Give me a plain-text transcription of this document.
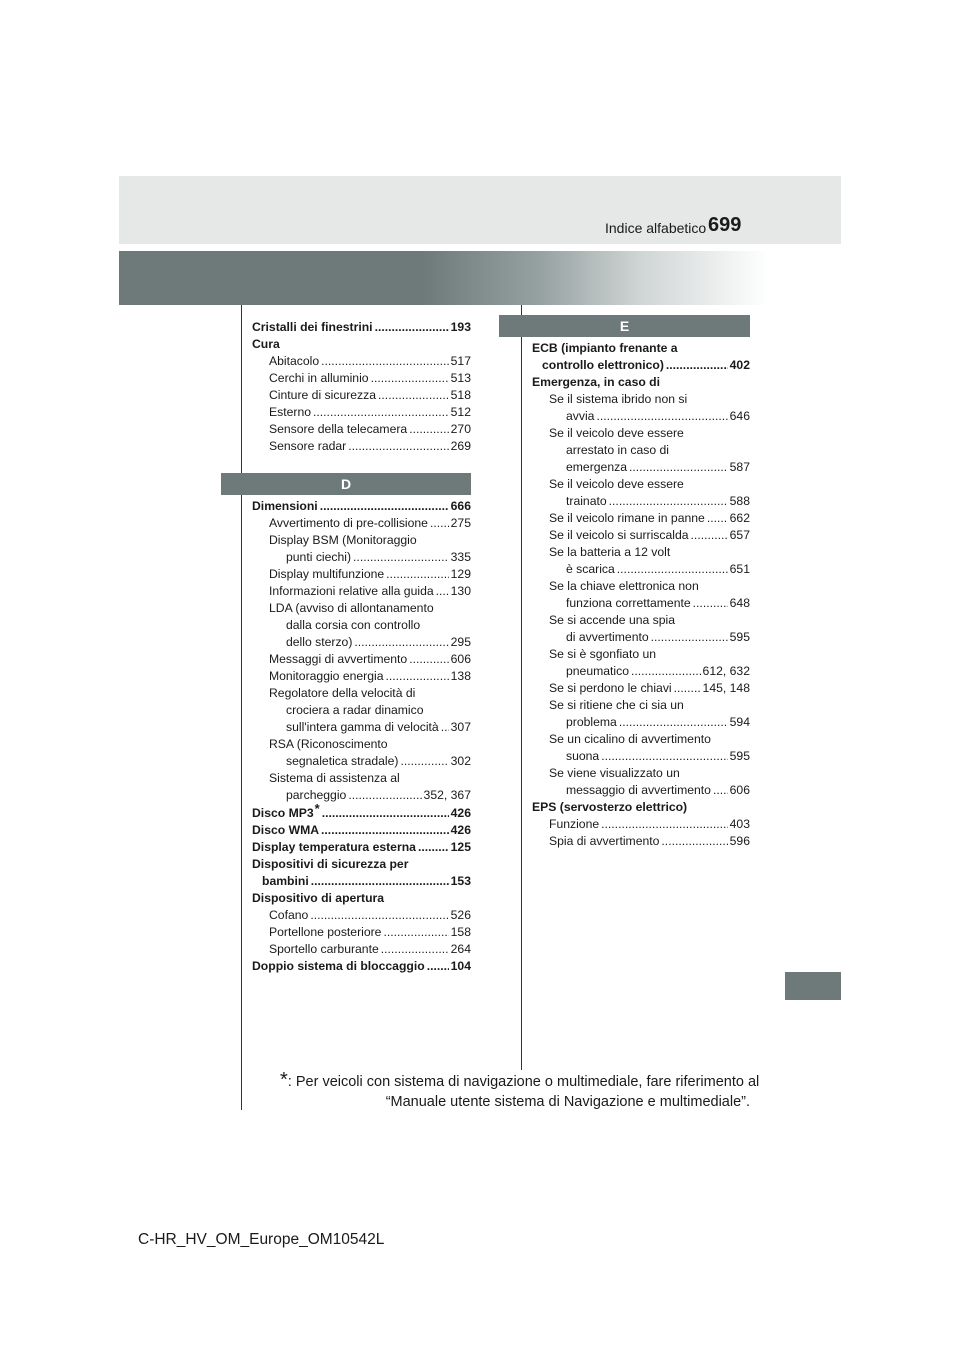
699
Indice alfabetico
Cristalli dei finestrini .....	193
Cura
Abitacolo .....	517
Cerchi in alluminio .....	513
Cinture di sicurezza .....	518
Esterno .....	512
Sensore della telecamera .....	270
Sensore radar .....	269
D
Dimensioni .....	666
Avvertimento di pre-collisione ..... 275
Display BSM (Monitoraggio
punti ciechi) .....	335
Display multifunzione .....	129
Informazioni relative alla guida ..... 130
LDA (avviso di allontanamento
dalla corsia con controllo
dello sterzo) .....	295
Messaggi di avvertimento .....	606
Monitoraggio energia .....	138
Regolatore della velocità di
crociera a radar dinamico
sull'intera gamma di velocità ..... 307
RSA (Riconoscimento
segnaletica stradale) .....	302
Sistema di assistenza al
parcheggio .....	352, 367
Disco MP3 * .....	426
Disco WMA .....	426
Display temperatura esterna .....	125
Dispositivi di sicurezza per
bambini .....	153
Dispositivo di apertura
Cofano .....	526
Portellone posteriore .....	158
Sportello carburante .....	264
Doppio sistema di bloccaggio ..... 104
E
ECB (impianto frenante a
controllo elettronico) .....	402
Emergenza, in caso di
Se il sistema ibrido non si
avvia .....	646
Se il veicolo deve essere
arrestato in caso di
emergenza .....	587
Se il veicolo deve essere
trainato .....	588
Se il veicolo rimane in panne ..... 662
Se il veicolo si surriscalda .....	657
Se la batteria a 12 volt
è scarica .....	651
Se la chiave elettronica non
funziona correttamente .....	648
Se si accende una spia
di avvertimento .....	595
Se si è sgonfiato un
pneumatico .....	612, 632
Se si perdono le chiavi .....	145, 148
Se si ritiene che ci sia un
problema .....	594
Se un cicalino di avvertimento
suona .....	595
Se viene visualizzato un
messaggio di avvertimento ..... 606
EPS (servosterzo elettrico)
Funzione .....	403
Spia di avvertimento .....	596
*: Per veicoli con sistema di navigazione o multimediale, fare riferimento al
“Manuale utente sistema di Navigazione e multimediale”.
C-HR_HV_OM_Europe_OM10542L
